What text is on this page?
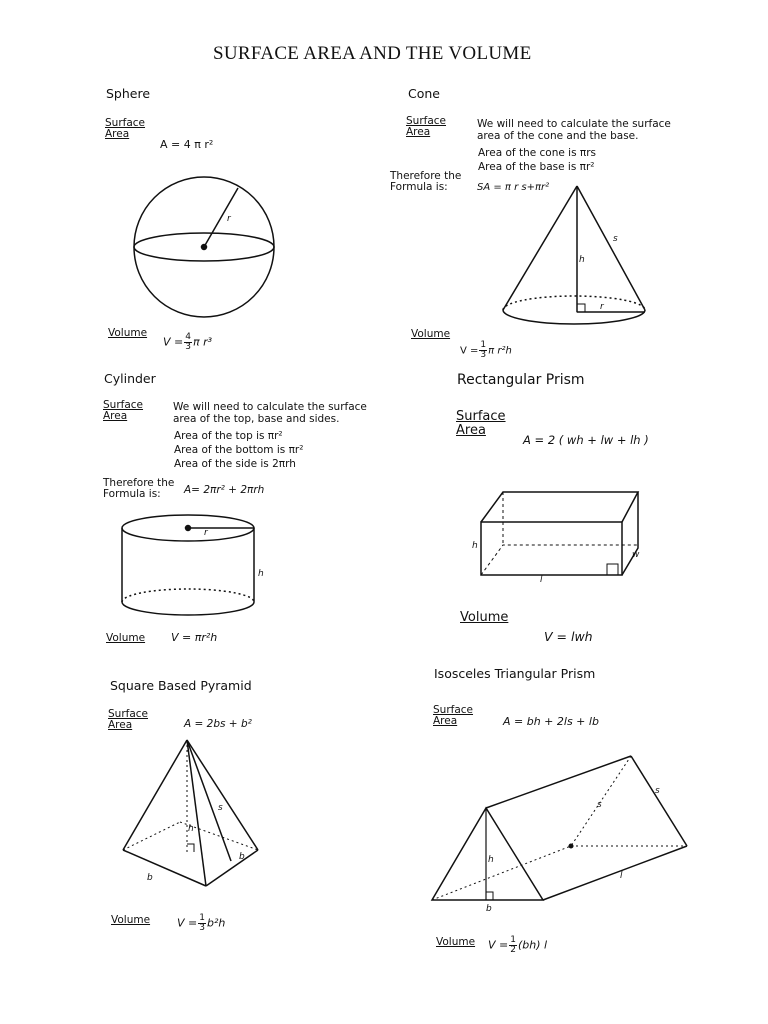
SURFACE AREA AND THE VOLUME
Sphere
Surface
Area
A = 4 π r²
r
Volume
$V = \frac{4}{3}$ π r³
Cone
Surface
Area
We will need to calculate the surface
area of the cone and the base.
Area of the cone is πrs
Area of the base is πr²
Therefore the
Formula is:	SA = π r s+πr²
s
h
r
Volume
$V = \frac{1}{3}$ π r²h
Cylinder
Surface
Area
We will need to calculate the surface
area of the top, base and sides.
Area of the top is πr²
Area of the bottom is πr²
Area of the side is 2πrh
Therefore the
Formula is:	A= 2πr² + 2πrh
r
h
Volume V = πr²h
Rectangular Prism
Surface
Area
A = 2 ( wh + lw + lh )
h
w
l
Volume
V = lwh
Square Based Pyramid
Surface
Area	A = 2bs + b²
s
h
b
b
Volume $V = \frac{1}{3} b^2h$
Isosceles Triangular Prism
Surface
Area	A = bh + 2ls + lb
s
s
h
l
b
Volume $V = \frac{1}{2} (bh)$ l
